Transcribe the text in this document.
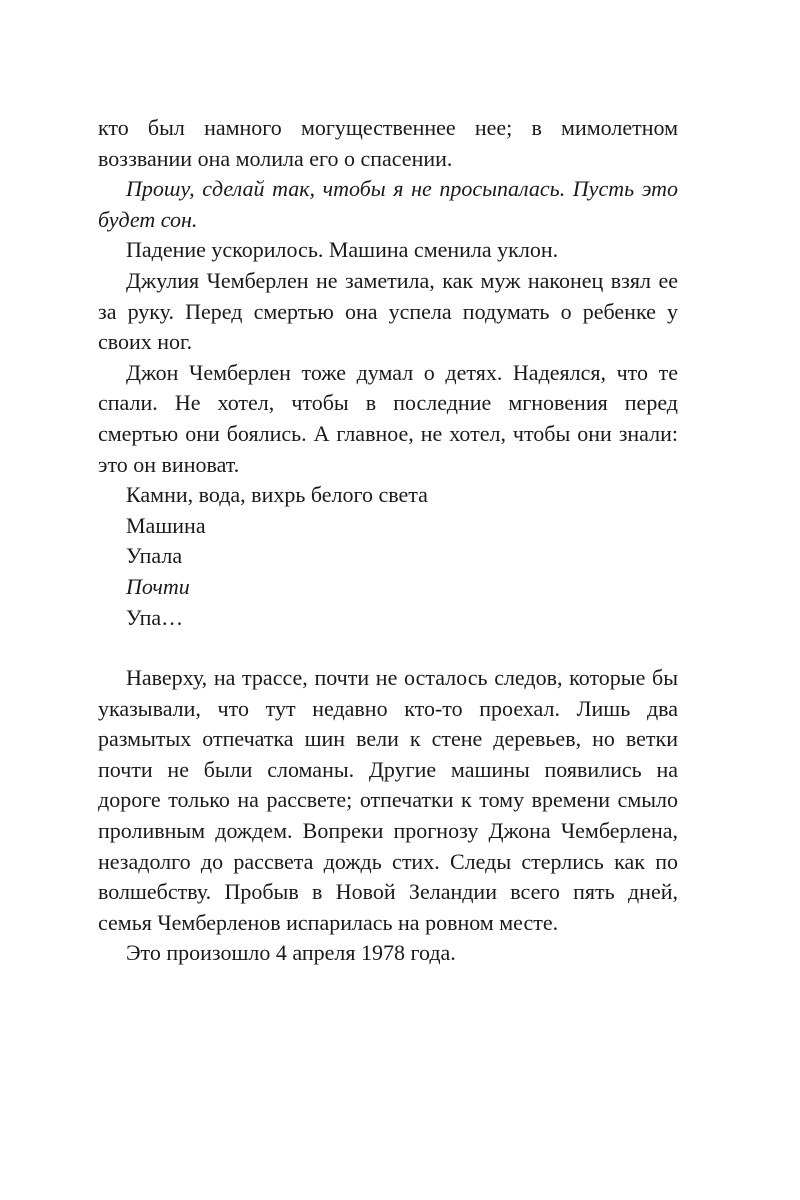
кто был намного могущественнее нее; в мимолетном воззвании она молила его о спасении.

Прошу, сделай так, чтобы я не просыпалась. Пусть это будет сон.

Падение ускорилось. Машина сменила уклон.

Джулия Чемберлен не заметила, как муж наконец взял ее за руку. Перед смертью она успела подумать о ребенке у своих ног.

Джон Чемберлен тоже думал о детях. Надеялся, что те спали. Не хотел, чтобы в последние мгновения перед смертью они боялись. А главное, не хотел, чтобы они знали: это он виноват.

Камни, вода, вихрь белого света

Машина

Упала

Почти

Упа…

Наверху, на трассе, почти не осталось следов, которые бы указывали, что тут недавно кто-то проехал. Лишь два размытых отпечатка шин вели к стене деревьев, но ветки почти не были сломаны. Другие машины появились на дороге только на рассвете; отпечатки к тому времени смыло проливным дождем. Вопреки прогнозу Джона Чемберлена, незадолго до рассвета дождь стих. Следы стерлись как по волшебству. Пробыв в Новой Зеландии всего пять дней, семья Чемберленов испарилась на ровном месте.

Это произошло 4 апреля 1978 года.
